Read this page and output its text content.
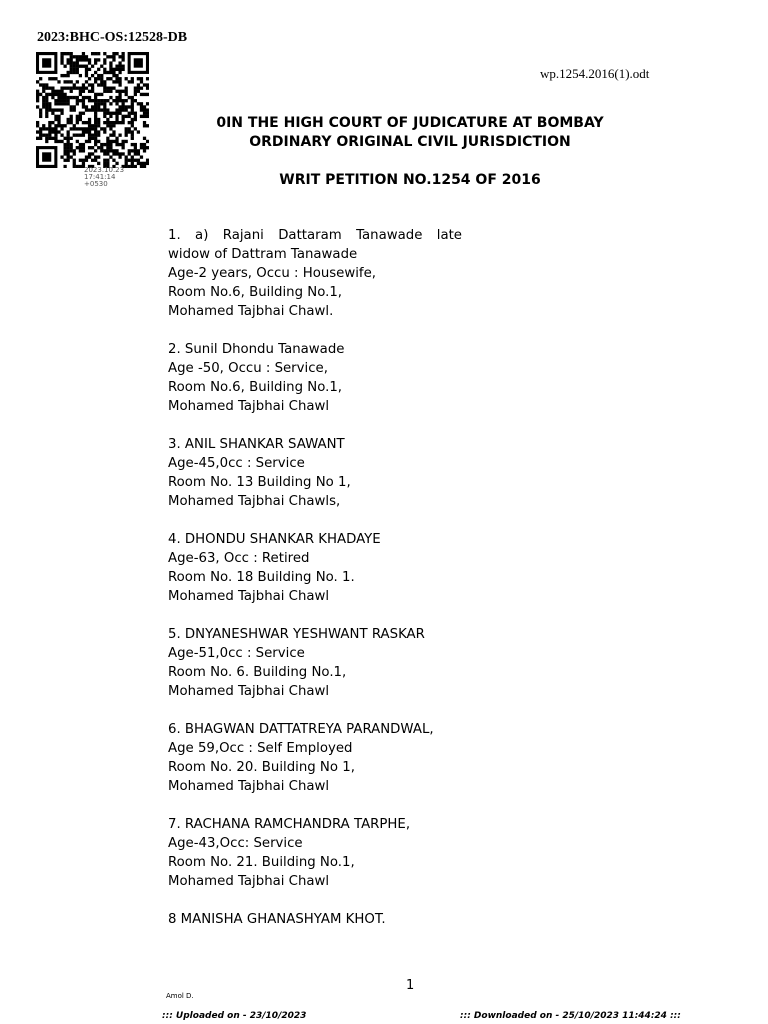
2023:BHC-OS:12528-DB
2023.10.23
17:41:14
+0530
wp.1254.2016(1).odt
0IN THE HIGH COURT OF JUDICATURE AT BOMBAY
ORDINARY ORIGINAL CIVIL JURISDICTION
WRIT PETITION NO.1254 OF 2016
1. a) Rajani Dattaram Tanawade late
widow of Dattram Tanawade
Age-2 years, Occu : Housewife,
Room No.6, Building No.1,
Mohamed Tajbhai Chawl.
2. Sunil Dhondu Tanawade
Age -50, Occu : Service,
Room No.6, Building No.1,
Mohamed Tajbhai Chawl
3. ANIL SHANKAR SAWANT
Age-45,0cc : Service
Room No. 13 Building No 1,
Mohamed Tajbhai Chawls,
4. DHONDU SHANKAR KHADAYE
Age-63, Occ : Retired
Room No. 18 Building No. 1.
Mohamed Tajbhai Chawl
5. DNYANESHWAR YESHWANT RASKAR
Age-51,0cc : Service
Room No. 6. Building No.1,
Mohamed Tajbhai Chawl
6. BHAGWAN DATTATREYA PARANDWAL,
Age 59,Occ : Self Employed
Room No. 20. Building No 1,
Mohamed Tajbhai Chawl
7. RACHANA RAMCHANDRA TARPHE,
Age-43,Occ: Service
Room No. 21. Building No.1,
Mohamed Tajbhai Chawl
8 MANISHA GHANASHYAM KHOT.
1
Amol D.
::: Uploaded on - 23/10/2023	::: Downloaded on - 25/10/2023 11:44:24 :::
